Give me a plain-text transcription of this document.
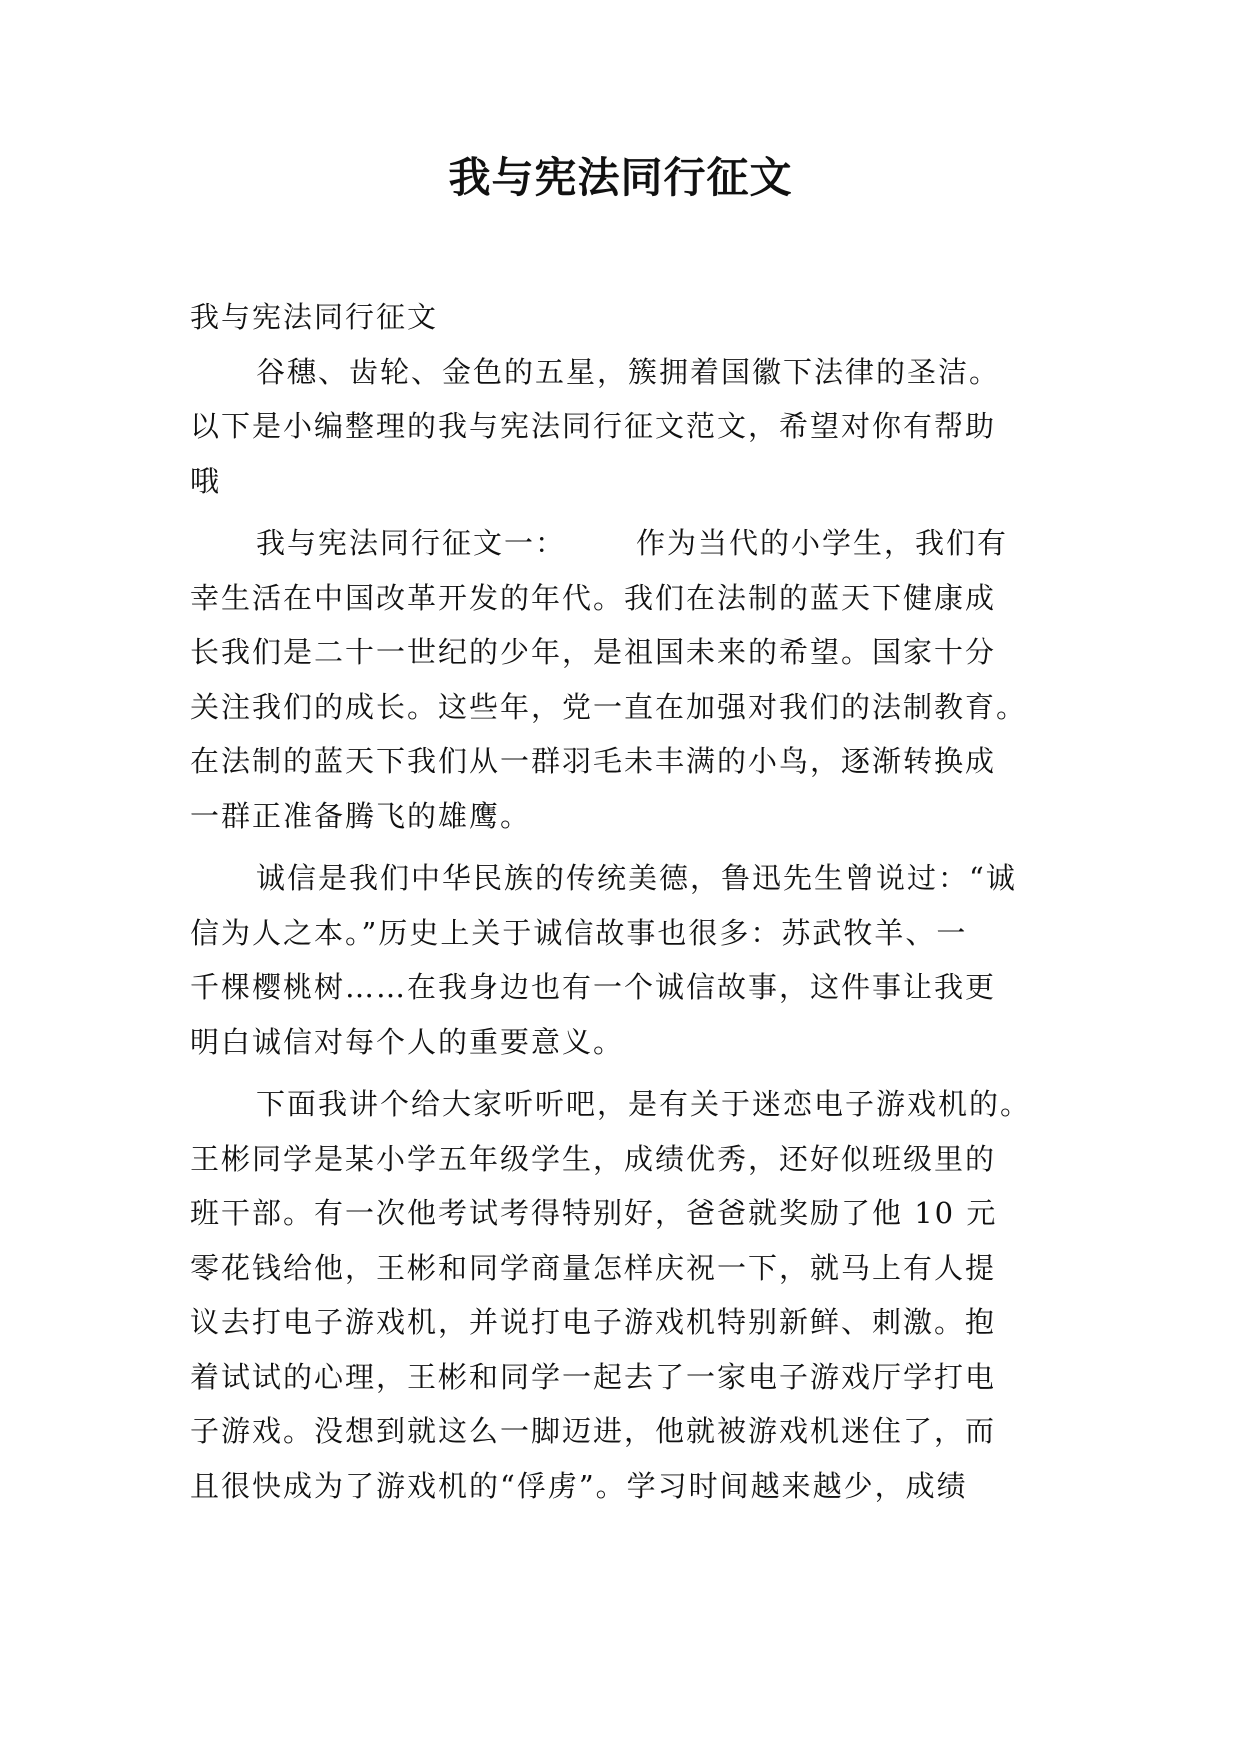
我与宪法同行征文
我与宪法同行征文
谷穗、齿轮、金色的五星，簇拥着国徽下法律的圣洁。
以下是小编整理的我与宪法同行征文范文，希望对你有帮助
哦
我与宪法同行征文一： 作为当代的小学生，我们有
幸生活在中国改革开发的年代。我们在法制的蓝天下健康成
长我们是二十一世纪的少年，是祖国未来的希望。国家十分
关注我们的成长。这些年，党一直在加强对我们的法制教育。
在法制的蓝天下我们从一群羽毛未丰满的小鸟，逐渐转换成
一群正准备腾飞的雄鹰。
诚信是我们中华民族的传统美德，鲁迅先生曾说过：“诚
信为人之本。”历史上关于诚信故事也很多：苏武牧羊、一
千棵樱桃树……在我身边也有一个诚信故事，这件事让我更
明白诚信对每个人的重要意义。
下面我讲个给大家听听吧，是有关于迷恋电子游戏机的。
王彬同学是某小学五年级学生，成绩优秀，还好似班级里的
班干部。有一次他考试考得特别好，爸爸就奖励了他 10 元
零花钱给他，王彬和同学商量怎样庆祝一下，就马上有人提
议去打电子游戏机，并说打电子游戏机特别新鲜、刺激。抱
着试试的心理，王彬和同学一起去了一家电子游戏厅学打电
子游戏。没想到就这么一脚迈进，他就被游戏机迷住了，而
且很快成为了游戏机的“俘虏”。学习时间越来越少，成绩
